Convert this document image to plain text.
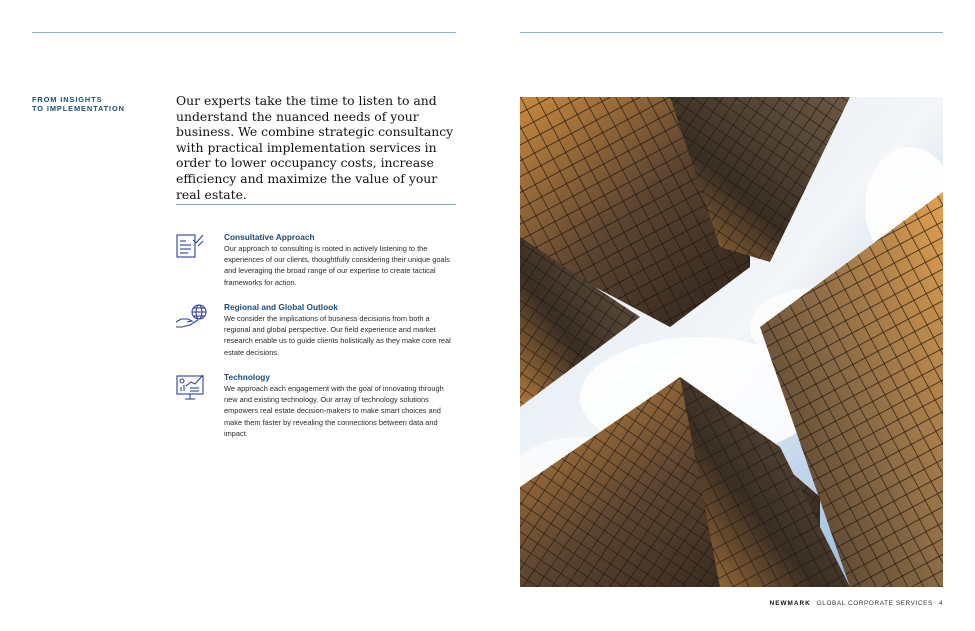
FROM INSIGHTS
TO IMPLEMENTATION
Our experts take the time to listen to and understand the nuanced needs of your business. We combine strategic consultancy with practical implementation services in order to lower occupancy costs, increase efficiency and maximize the value of your real estate.
Consultative Approach

Our approach to consulting is rooted in actively listening to the experiences of our clients, thoughtfully considering their unique goals and leveraging the broad range of our expertise to create tactical frameworks for action.

Regional and Global Outlook

We consider the implications of business decisions from both a regional and global perspective. Our field experience and market research enable us to guide clients holistically as they make core real estate decisions.

Technology

We approach each engagement with the goal of innovating through new and existing technology. Our array of technology solutions empowers real estate decision-makers to make smart choices and make them faster by revealing the connections between data and impact.

NEWMARK GLOBAL CORPORATE SERVICES 4
